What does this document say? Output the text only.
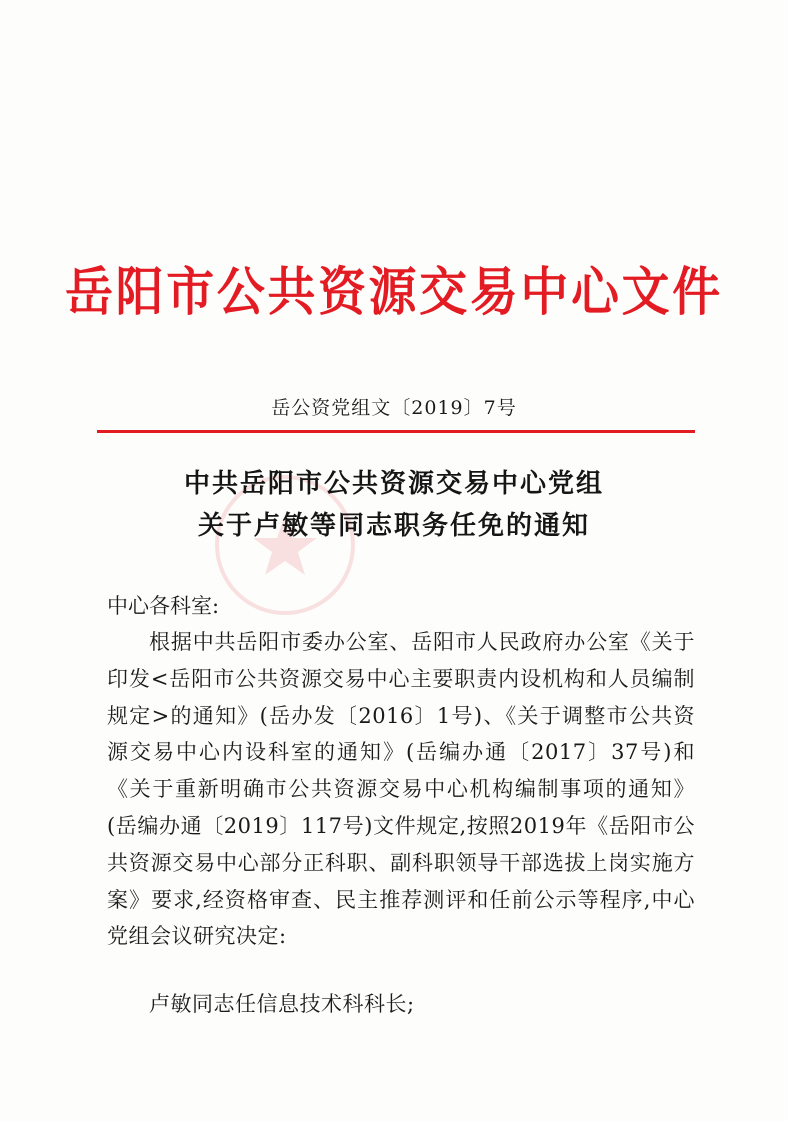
岳阳市公共资源交易中心文件
岳公资党组文〔2019〕7号
中共岳阳市公共资源交易中心党组
关于卢敏等同志职务任免的通知
中心各科室:
根据中共岳阳市委办公室、岳阳市人民政府办公室《关于印发<岳阳市公共资源交易中心主要职责内设机构和人员编制规定>的通知》(岳办发〔2016〕1号)、《关于调整市公共资源交易中心内设科室的通知》(岳编办通〔2017〕37号)和《关于重新明确市公共资源交易中心机构编制事项的通知》(岳编办通〔2019〕117号)文件规定,按照2019年《岳阳市公共资源交易中心部分正科职、副科职领导干部选拔上岗实施方案》要求,经资格审查、民主推荐测评和任前公示等程序,中心党组会议研究决定:
卢敏同志任信息技术科科长;
